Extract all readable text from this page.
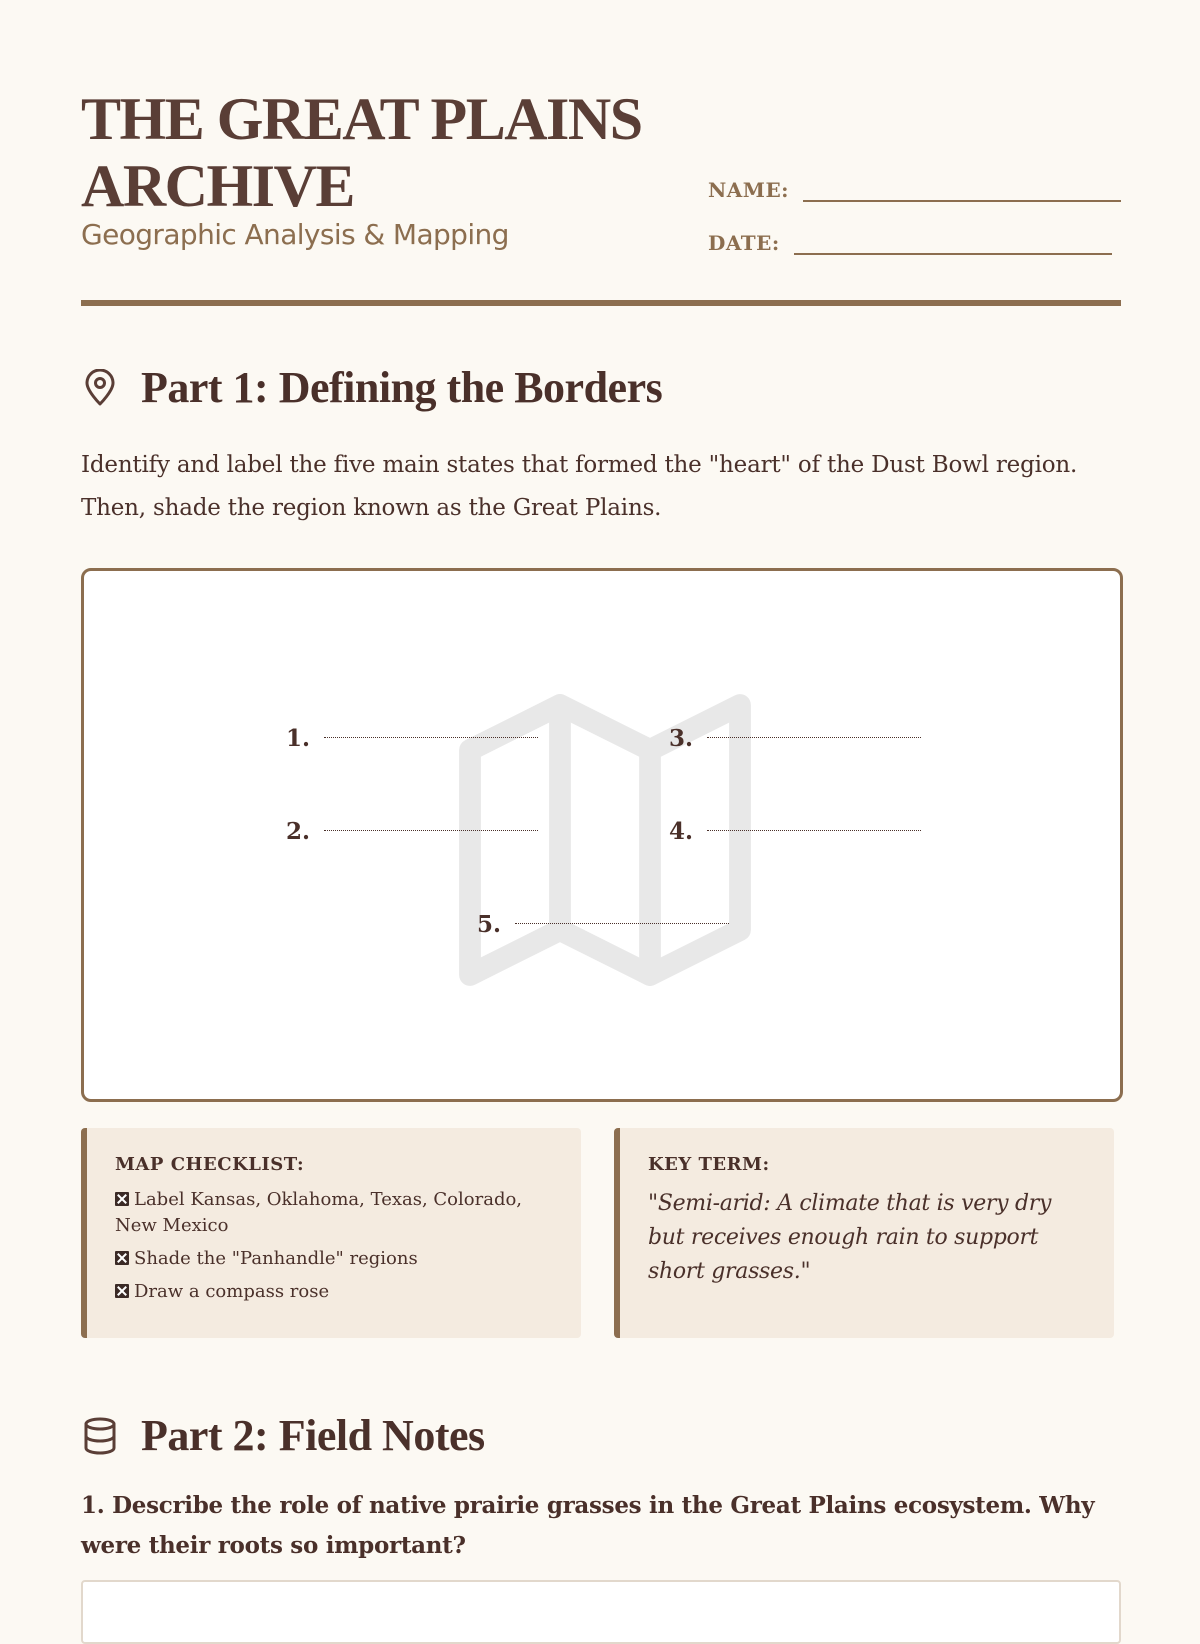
THE GREAT PLAINS
ARCHIVE

Geographic Analysis & Mapping

NAME:
DATE:
Part 1: Defining the Borders

Identify and label the five main states that formed the "heart" of the Dust Bowl region.
Then, shade the region known as the Great Plains.

1.
2.
3.
4.
5.
MAP CHECKLIST:
Label Kansas, Oklahoma, Texas, Colorado, New Mexico
Shade the "Panhandle" regions
Draw a compass rose
KEY TERM:
"Semi-arid: A climate that is very dry but receives enough rain to support short grasses."
Part 2: Field Notes

1. Describe the role of native prairie grasses in the Great Plains ecosystem. Why were their roots so important?
